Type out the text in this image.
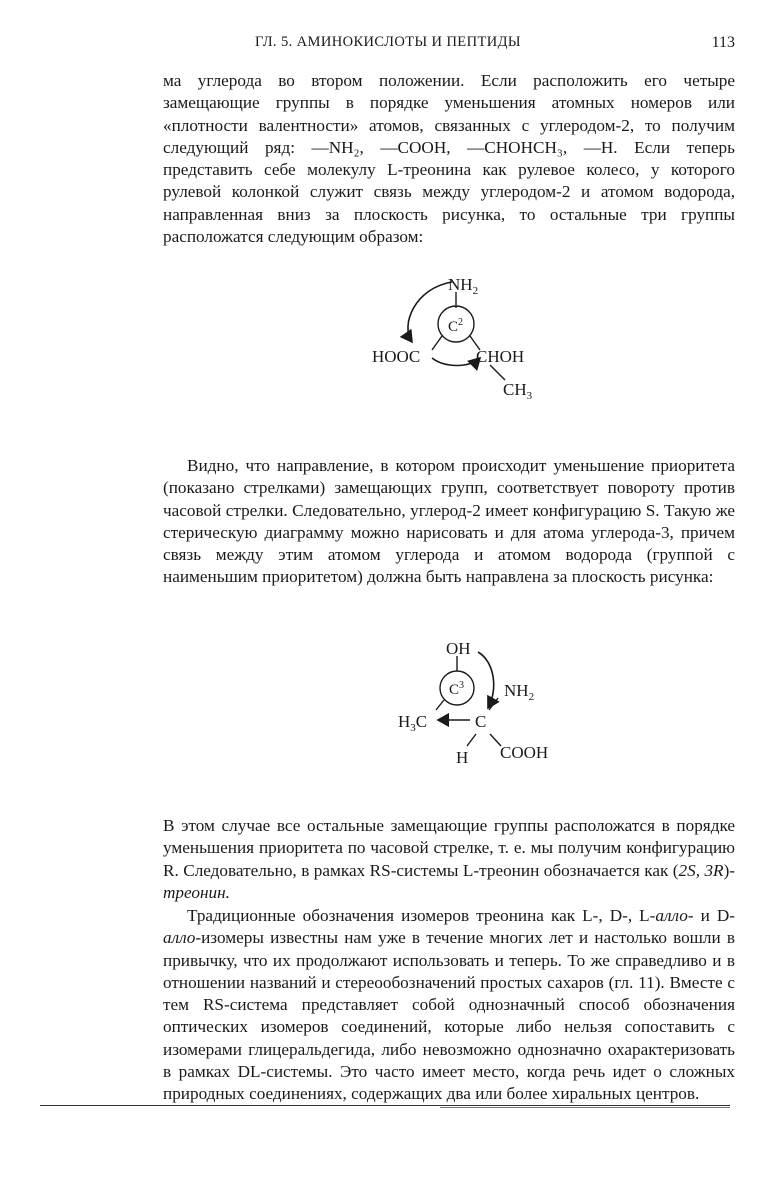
ГЛ. 5. АМИНОКИСЛОТЫ И ПЕПТИДЫ	113

ма углерода во втором положении. Если расположить его четыре замещающие группы в порядке уменьшения атомных номеров или «плотности валентности» атомов, связанных с углеродом-2, то получим следующий ряд: —NH₂, —COOH, —CHOHCH₃, —H. Если теперь представить себе молекулу L-треонина как рулевое колесо, у которого рулевой колонкой служит связь между углеродом-2 и атомом водорода, направленная вниз за плоскость рисунка, то остальные три группы расположатся следующим образом:

$NH_2$
$C^2$
HOOC	CHOH
$CH_3$

Видно, что направление, в котором происходит уменьшение приоритета (показано стрелками) замещающих групп, соответствует повороту против часовой стрелки. Следовательно, углерод-2 имеет конфигурацию S. Такую же стерическую диаграмму можно нарисовать и для атома углерода-3, причем связь между этим атомом углерода и атомом водорода (группой с наименьшим приоритетом) должна быть направлена за плоскость рисунка:

OH
$C^3$ $NH_2$
$H_3C$	C
H COOH

В этом случае все остальные замещающие группы расположатся в порядке уменьшения приоритета по часовой стрелке, т. е. мы получим конфигурацию R. Следовательно, в рамках RS-системы L-треонин обозначается как (2S, 3R)-треонин.

Традиционные обозначения изомеров треонина как L-, D-, L-алло- и D-алло-изомеры известны нам уже в течение многих лет и настолько вошли в привычку, что их продолжают использовать и теперь. То же справедливо и в отношении названий и стереообозначений простых сахаров (гл. 11). Вместе с тем RS-система представляет собой однозначный способ обозначения оптических изомеров соединений, которые либо нельзя сопоставить с изомерами глицеральдегида, либо невозможно однозначно охарактеризовать в рамках DL-системы. Это часто имеет место, когда речь идет о сложных природных соединениях, содержащих два или более хиральных центров.
